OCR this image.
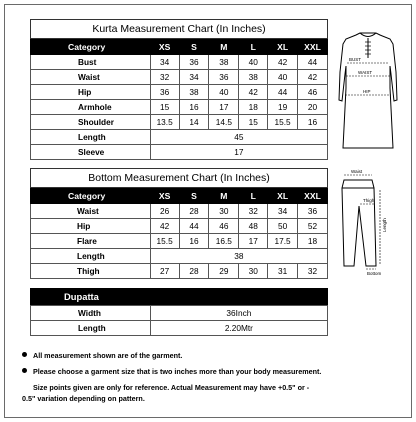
Kurta Measurement Chart (In Inches)						
Category	XS	S	M	L	XL	XXL
Bust	34	36	38	40	42	44
Waist	32	34	36	38	40	42
Hip	36	38	40	42	44	46
Armhole	15	16	17	18	19	20
Shoulder	13.5	14	14.5	15	15.5	16
Length	45					
Sleeve	17					
BUST
WAIST
HIP
Bottom Measurement Chart (In Inches)						
Category	XS	S	M	L	XL	XXL
Waist	26	28	30	32	34	36
Hip	42	44	46	48	50	52
Flare	15.5	16	16.5	17	17.5	18
Length	38					
Thigh	27	28	29	30	31	32
Waist
Thigh
Length
Bottom
Dupatta
Width	36Inch
Length	2.20Mtr
All measurement shown are of the garment.
Please choose a garment size that is two inches more than your body measurement.
Size points given are only for reference. Actual Measurement may have +0.5" or -
0.5" variation depending on pattern.
